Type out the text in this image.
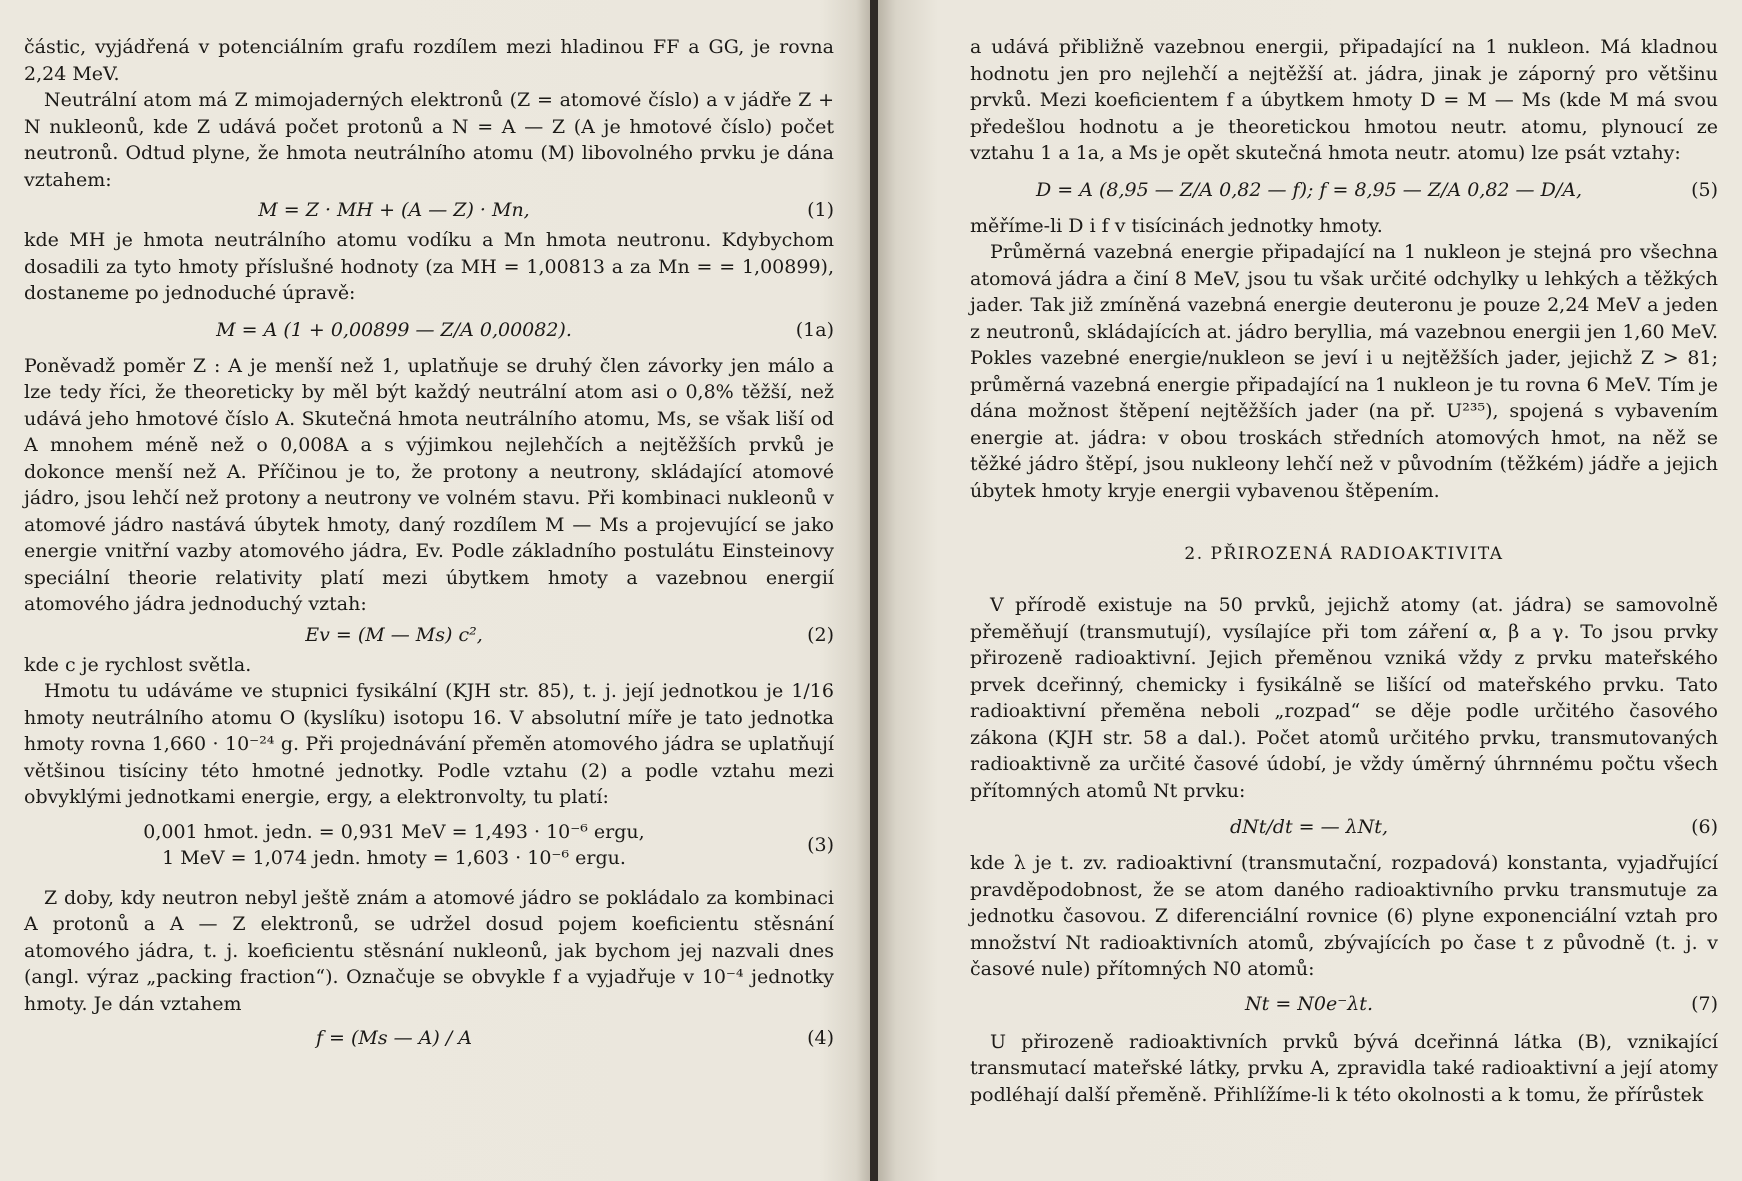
částic, vyjádřená v potenciálním grafu rozdílem mezi hladinou FF a GG, je rovna 2,24 MeV.

Neutrální atom má Z mimojaderných elektronů (Z = atomové číslo) a v jádře Z + N nukleonů, kde Z udává počet protonů a N = A — Z (A je hmotové číslo) počet neutronů. Odtud plyne, že hmota neutrálního atomu (M) libovolného prvku je dána vztahem:

M = Z · MH + (A — Z) · Mn,	(1)

kde MH je hmota neutrálního atomu vodíku a Mn hmota neutronu. Kdybychom dosadili za tyto hmoty příslušné hodnoty (za MH = 1,00813 a za Mn = = 1,00899), dostaneme po jednoduché úpravě:

M = A (1 + 0,00899 — Z/A 0,00082).	(1a)

Poněvadž poměr Z : A je menší než 1, uplatňuje se druhý člen závorky jen málo a lze tedy říci, že theoreticky by měl být každý neutrální atom asi o 0,8% těžší, než udává jeho hmotové číslo A. Skutečná hmota neutrálního atomu, Ms, se však liší od A mnohem méně než o 0,008A a s výjimkou nejlehčích a nejtěžších prvků je dokonce menší než A. Příčinou je to, že protony a neutrony, skládající atomové jádro, jsou lehčí než protony a neutrony ve volném stavu. Při kombinaci nukleonů v atomové jádro nastává úbytek hmoty, daný rozdílem M — Ms a projevující se jako energie vnitřní vazby atomového jádra, Ev. Podle základního postulátu Einsteinovy speciální theorie relativity platí mezi úbytkem hmoty a vazebnou energií atomového jádra jednoduchý vztah:

Ev = (M — Ms) c²,	(2)

kde c je rychlost světla.

Hmotu tu udáváme ve stupnici fysikální (KJH str. 85), t. j. její jednotkou je 1/16 hmoty neutrálního atomu O (kyslíku) isotopu 16. V absolutní míře je tato jednotka hmoty rovna 1,660 · 10⁻²⁴ g. Při projednávání přeměn atomového jádra se uplatňují většinou tisíciny této hmotné jednotky. Podle vztahu (2) a podle vztahu mezi obvyklými jednotkami energie, ergy, a elektronvolty, tu platí:

0,001 hmot. jedn. = 0,931 MeV = 1,493 · 10⁻⁶ ergu,
1 MeV = 1,074 jedn. hmoty = 1,603 · 10⁻⁶ ergu.
(3)

Z doby, kdy neutron nebyl ještě znám a atomové jádro se pokládalo za kombinaci A protonů a A — Z elektronů, se udržel dosud pojem koeficientu stěsnání atomového jádra, t. j. koeficientu stěsnání nukleonů, jak bychom jej nazvali dnes (angl. výraz „packing fraction“). Označuje se obvykle f a vyjadřuje v 10⁻⁴ jednotky hmoty. Je dán vztahem

f = (Ms — A) / A	(4)

a udává přibližně vazebnou energii, připadající na 1 nukleon. Má kladnou hodnotu jen pro nejlehčí a nejtěžší at. jádra, jinak je záporný pro většinu prvků. Mezi koeficientem f a úbytkem hmoty D = M — Ms (kde M má svou předešlou hodnotu a je theoretickou hmotou neutr. atomu, plynoucí ze vztahu 1 a 1a, a Ms je opět skutečná hmota neutr. atomu) lze psát vztahy:

D = A (8,95 — Z/A 0,82 — f); f = 8,95 — Z/A 0,82 — D/A,	(5)

měříme-li D i f v tisícinách jednotky hmoty.

Průměrná vazebná energie připadající na 1 nukleon je stejná pro všechna atomová jádra a činí 8 MeV, jsou tu však určité odchylky u lehkých a těžkých jader. Tak již zmíněná vazebná energie deuteronu je pouze 2,24 MeV a jeden z neutronů, skládajících at. jádro beryllia, má vazebnou energii jen 1,60 MeV. Pokles vazebné energie/nukleon se jeví i u nejtěžších jader, jejichž Z > 81; průměrná vazebná energie připadající na 1 nukleon je tu rovna 6 MeV. Tím je dána možnost štěpení nejtěžších jader (na př. U²³⁵), spojená s vybavením energie at. jádra: v obou troskách středních atomových hmot, na něž se těžké jádro štěpí, jsou nukleony lehčí než v původním (těžkém) jádře a jejich úbytek hmoty kryje energii vybavenou štěpením.

2. PŘIROZENÁ RADIOAKTIVITA

V přírodě existuje na 50 prvků, jejichž atomy (at. jádra) se samovolně přeměňují (transmutují), vysílajíce při tom záření α, β a γ. To jsou prvky přirozeně radioaktivní. Jejich přeměnou vzniká vždy z prvku mateřského prvek dceřinný, chemicky i fysikálně se lišící od mateřského prvku. Tato radioaktivní přeměna neboli „rozpad“ se děje podle určitého časového zákona (KJH str. 58 a dal.). Počet atomů určitého prvku, transmutovaných radioaktivně za určité časové údobí, je vždy úměrný úhrnnému počtu všech přítomných atomů Nt prvku:

dNt/dt = — λNt,	(6)

kde λ je t. zv. radioaktivní (transmutační, rozpadová) konstanta, vyjadřující pravděpodobnost, že se atom daného radioaktivního prvku transmutuje za jednotku časovou. Z diferenciální rovnice (6) plyne exponenciální vztah pro množství Nt radioaktivních atomů, zbývajících po čase t z původně (t. j. v časové nule) přítomných N0 atomů:

Nt = N0e⁻λt.	(7)

U přirozeně radioaktivních prvků bývá dceřinná látka (B), vznikající transmutací mateřské látky, prvku A, zpravidla také radioaktivní a její atomy podléhají další přeměně. Přihlížíme-li k této okolnosti a k tomu, že přírůstek
